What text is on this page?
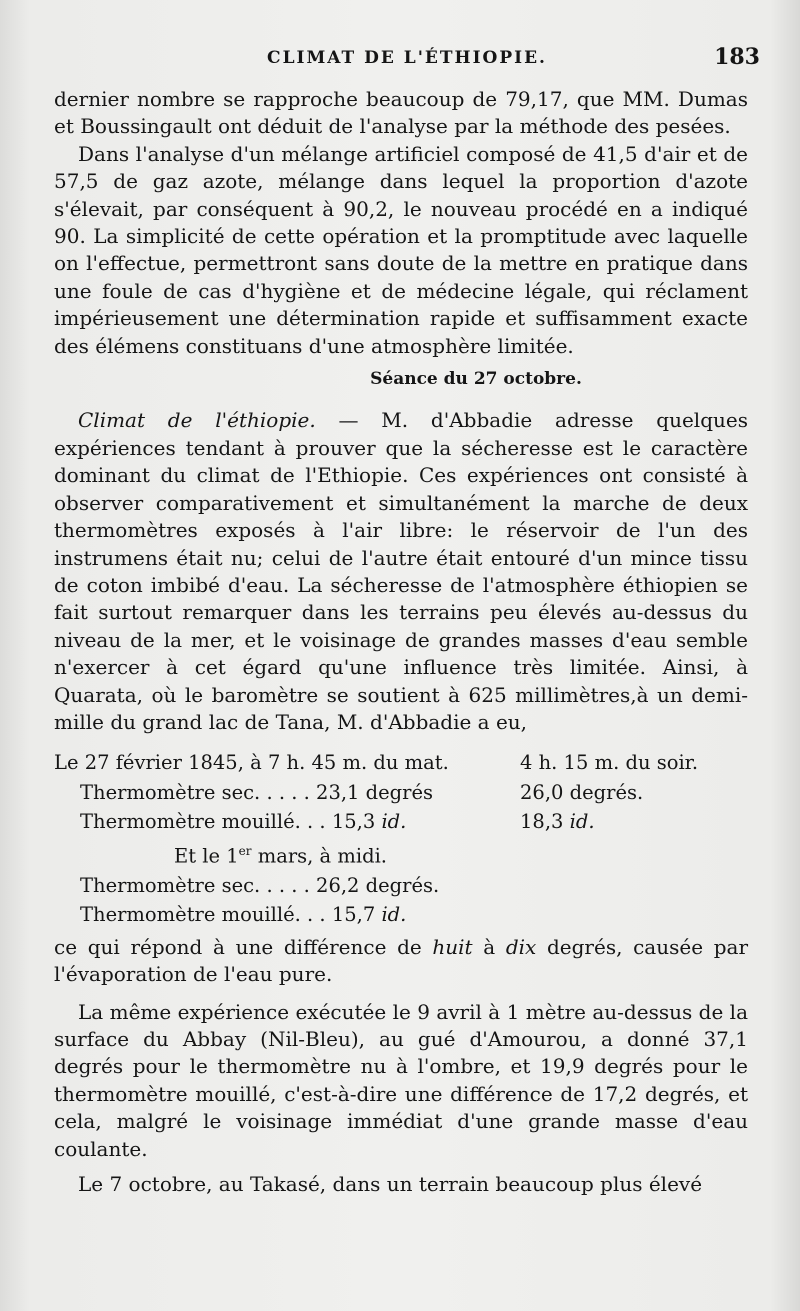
CLIMAT DE L'ÉTHIOPIE.	183

dernier nombre se rapproche beaucoup de 79,17, que MM. Dumas et Boussingault ont déduit de l'analyse par la méthode des pesées.

Dans l'analyse d'un mélange artificiel composé de 41,5 d'air et de 57,5 de gaz azote, mélange dans lequel la proportion d'azote s'élevait, par conséquent à 90,2, le nouveau procédé en a indiqué 90. La simplicité de cette opération et la promptitude avec laquelle on l'effectue, permettront sans doute de la mettre en pratique dans une foule de cas d'hygiène et de médecine légale, qui réclament impérieusement une détermination rapide et suffisamment exacte des élémens constituans d'une atmosphère limitée.

Séance du 27 octobre.

Climat de l'éthiopie. — M. d'Abbadie adresse quelques expériences tendant à prouver que la sécheresse est le caractère dominant du climat de l'Ethiopie. Ces expériences ont consisté à observer comparativement et simultanément la marche de deux thermomètres exposés à l'air libre: le réservoir de l'un des instrumens était nu; celui de l'autre était entouré d'un mince tissu de coton imbibé d'eau. La sécheresse de l'atmosphère éthiopien se fait surtout remarquer dans les terrains peu élevés au-dessus du niveau de la mer, et le voisinage de grandes masses d'eau semble n'exercer à cet égard qu'une influence très limitée. Ainsi, à Quarata, où le baromètre se soutient à 625 millimètres,à un demi-mille du grand lac de Tana, M. d'Abbadie a eu,

Le 27 février 1845, à 7 h. 45 m. du mat.	4 h. 15 m. du soir.
Thermomètre sec. . . . . 23,1 degrés	26,0 degrés.
Thermomètre mouillé. . . 15,3 id.	18,3 id.
Et le 1er mars, à midi.
Thermomètre sec. . . . . 26,2 degrés.
Thermomètre mouillé. . . 15,7 id.

ce qui répond à une différence de huit à dix degrés, causée par l'évaporation de l'eau pure.

La même expérience exécutée le 9 avril à 1 mètre au-dessus de la surface du Abbay (Nil-Bleu), au gué d'Amourou, a donné 37,1 degrés pour le thermomètre nu à l'ombre, et 19,9 degrés pour le thermomètre mouillé, c'est-à-dire une différence de 17,2 degrés, et cela, malgré le voisinage immédiat d'une grande masse d'eau coulante.

Le 7 octobre, au Takasé, dans un terrain beaucoup plus élevé
